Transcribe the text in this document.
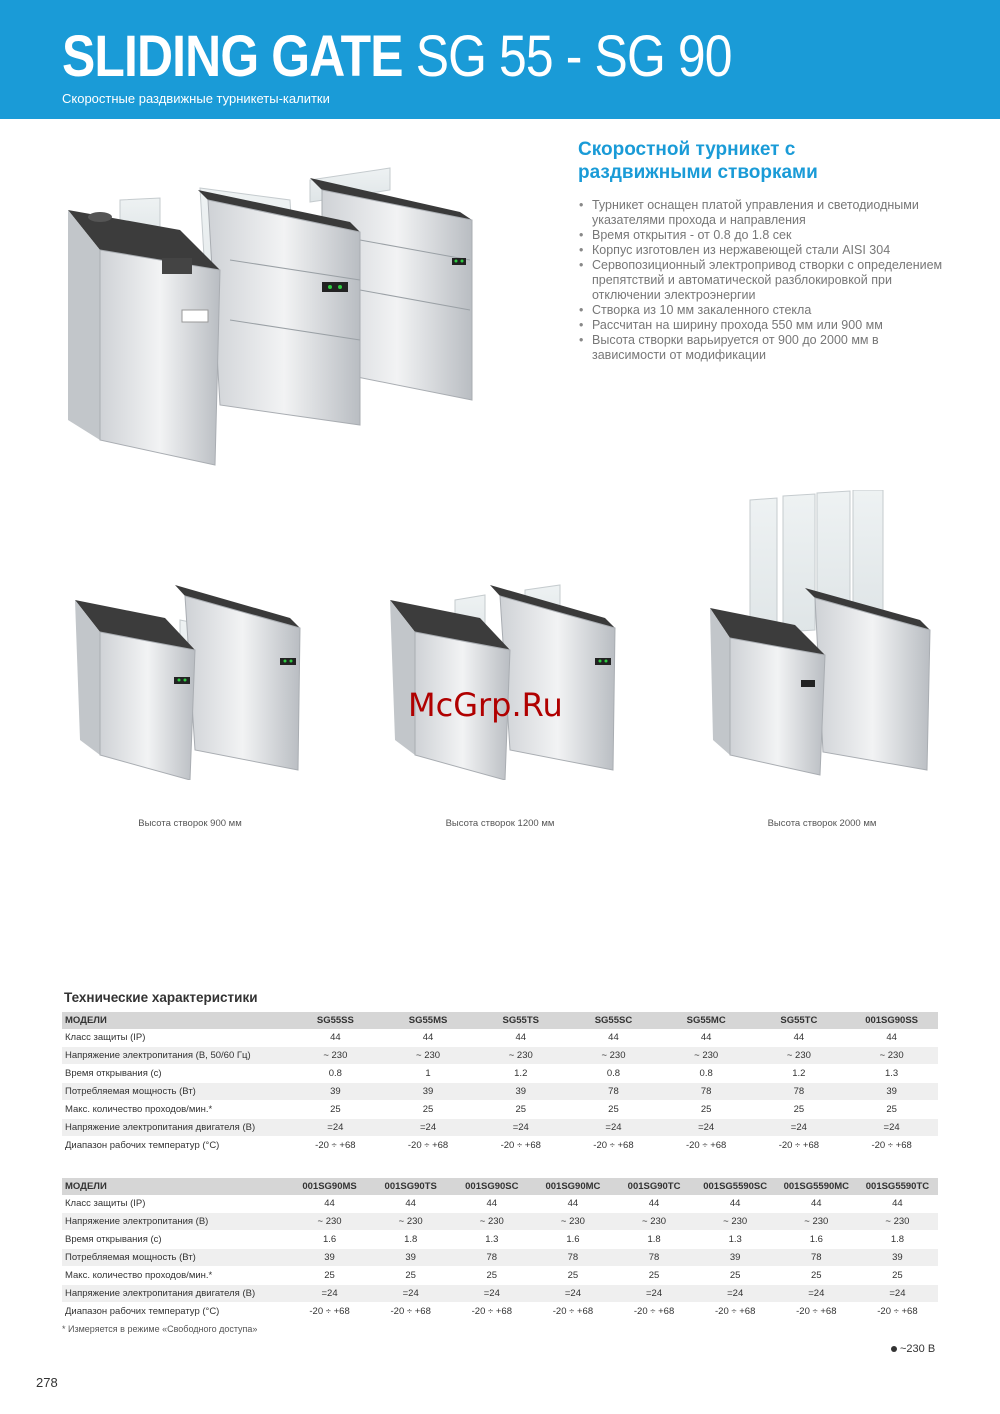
SLIDING GATE SG 55 - SG 90
Скоростные раздвижные турникеты-калитки
Скоростной турникет с раздвижными створками
• Турникет оснащен платой управления и светодиодными указателями прохода и направления
• Время открытия - от 0.8 до 1.8 сек
• Корпус изготовлен из нержавеющей стали AISI 304
• Сервопозиционный электропривод створки с определением препятствий и автоматической разблокировкой при отключении электроэнергии
• Створка из 10 мм закаленного стекла
• Рассчитан на ширину прохода 550 мм или 900 мм
• Высота створки варьируется от 900 до 2000 мм в зависимости от модификации
Высота створок 900 мм	Высота створок 1200 мм	Высота створок 2000 мм
McGrp.Ru
Технические характеристики
МОДЕЛИ	SG55SS	SG55MS	SG55TS	SG55SC	SG55MC	SG55TC	001SG90SS
Класс защиты (IP)	44	44	44	44	44	44	44
Напряжение электропитания (В, 50/60 Гц)	~ 230	~ 230	~ 230	~ 230	~ 230	~ 230	~ 230
Время открывания (с)	0.8	1	1.2	0.8	0.8	1.2	1.3
Потребляемая мощность (Вт)	39	39	39	78	78	78	39
Макс. количество проходов/мин.*	25	25	25	25	25	25	25
Напряжение электропитания двигателя (В)	=24	=24	=24	=24	=24	=24	=24
Диапазон рабочих температур (°С)	-20 ÷ +68	-20 ÷ +68	-20 ÷ +68	-20 ÷ +68	-20 ÷ +68	-20 ÷ +68	-20 ÷ +68
МОДЕЛИ	001SG90MS	001SG90TS	001SG90SC	001SG90MC	001SG90TC	001SG5590SC	001SG5590MC	001SG5590TC
Класс защиты (IP)	44	44	44	44	44	44	44	44
Напряжение электропитания (В)	~ 230	~ 230	~ 230	~ 230	~ 230	~ 230	~ 230	~ 230
Время открывания (с)	1.6	1.8	1.3	1.6	1.8	1.3	1.6	1.8
Потребляемая мощность (Вт)	39	39	78	78	78	39	78	39
Макс. количество проходов/мин.*	25	25	25	25	25	25	25	25
Напряжение электропитания двигателя (В)	=24	=24	=24	=24	=24	=24	=24	=24
Диапазон рабочих температур (°С)	-20 ÷ +68	-20 ÷ +68	-20 ÷ +68	-20 ÷ +68	-20 ÷ +68	-20 ÷ +68	-20 ÷ +68	-20 ÷ +68
* Измеряется в режиме «Свободного доступа»
~230 В
278
